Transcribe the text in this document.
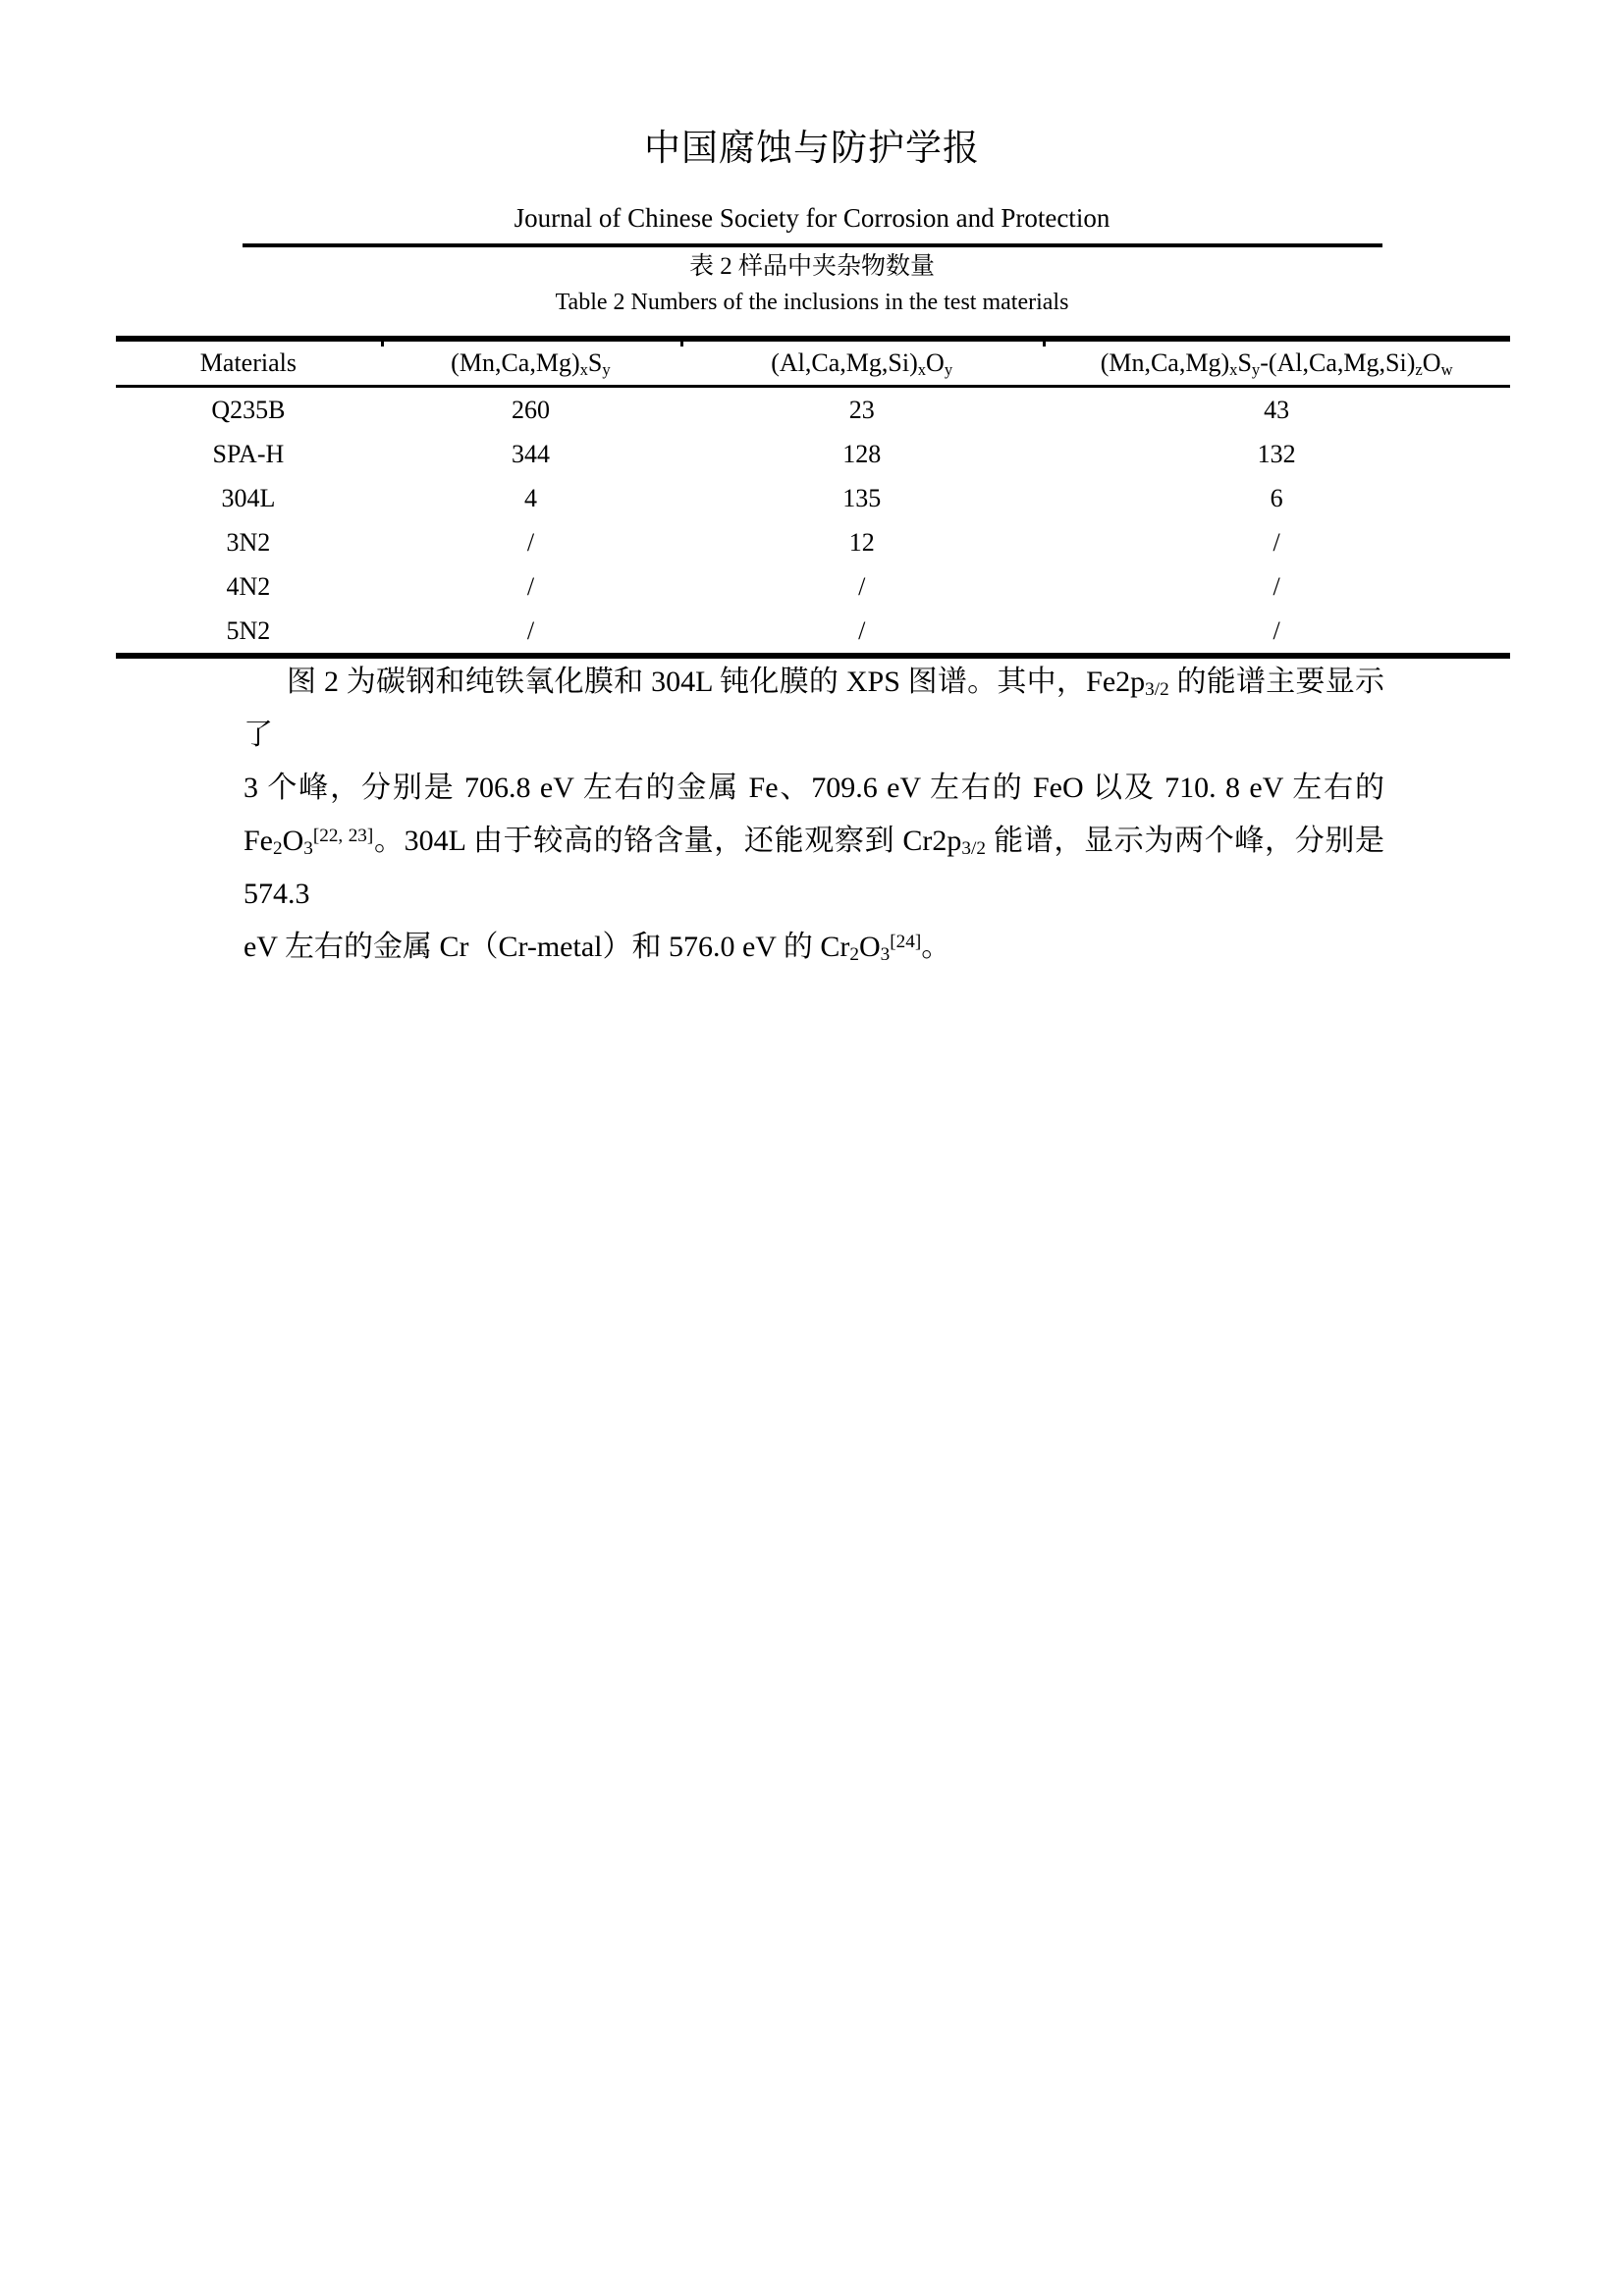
中国腐蚀与防护学报
Journal of Chinese Society for Corrosion and Protection
表 2 样品中夹杂物数量
Table 2 Numbers of the inclusions in the test materials
Materials	$(Mn,Ca,Mg)_xS_y$	$(Al,Ca,Mg,Si)_xO_y$	$(Mn,Ca,Mg)_xS_y-(Al,Ca,Mg,Si)_zO_w$
Q235B	260	23	43
SPA-H	344	128	132
304L	4	135	6
3N2	/	12	/
4N2	/	/	/
5N2	/	/	/
图 2 为碳钢和纯铁氧化膜和 304L 钝化膜的 XPS 图谱。其中，$Fe2p_{3/2}$ 的能谱主要显示了
3 个峰，分别是 706.8 eV 左右的金属 Fe、709.6 eV 左右的 FeO 以及 710. 8 eV 左右的
$Fe_2O_3[22, 23]$。304L 由于较高的铬含量，还能观察到 $Cr2p_{3/2}$ 能谱，显示为两个峰，分别是 574.3
eV 左右的金属 Cr（Cr-metal）和 576.0 eV 的 $Cr_2O_3[24]$。
